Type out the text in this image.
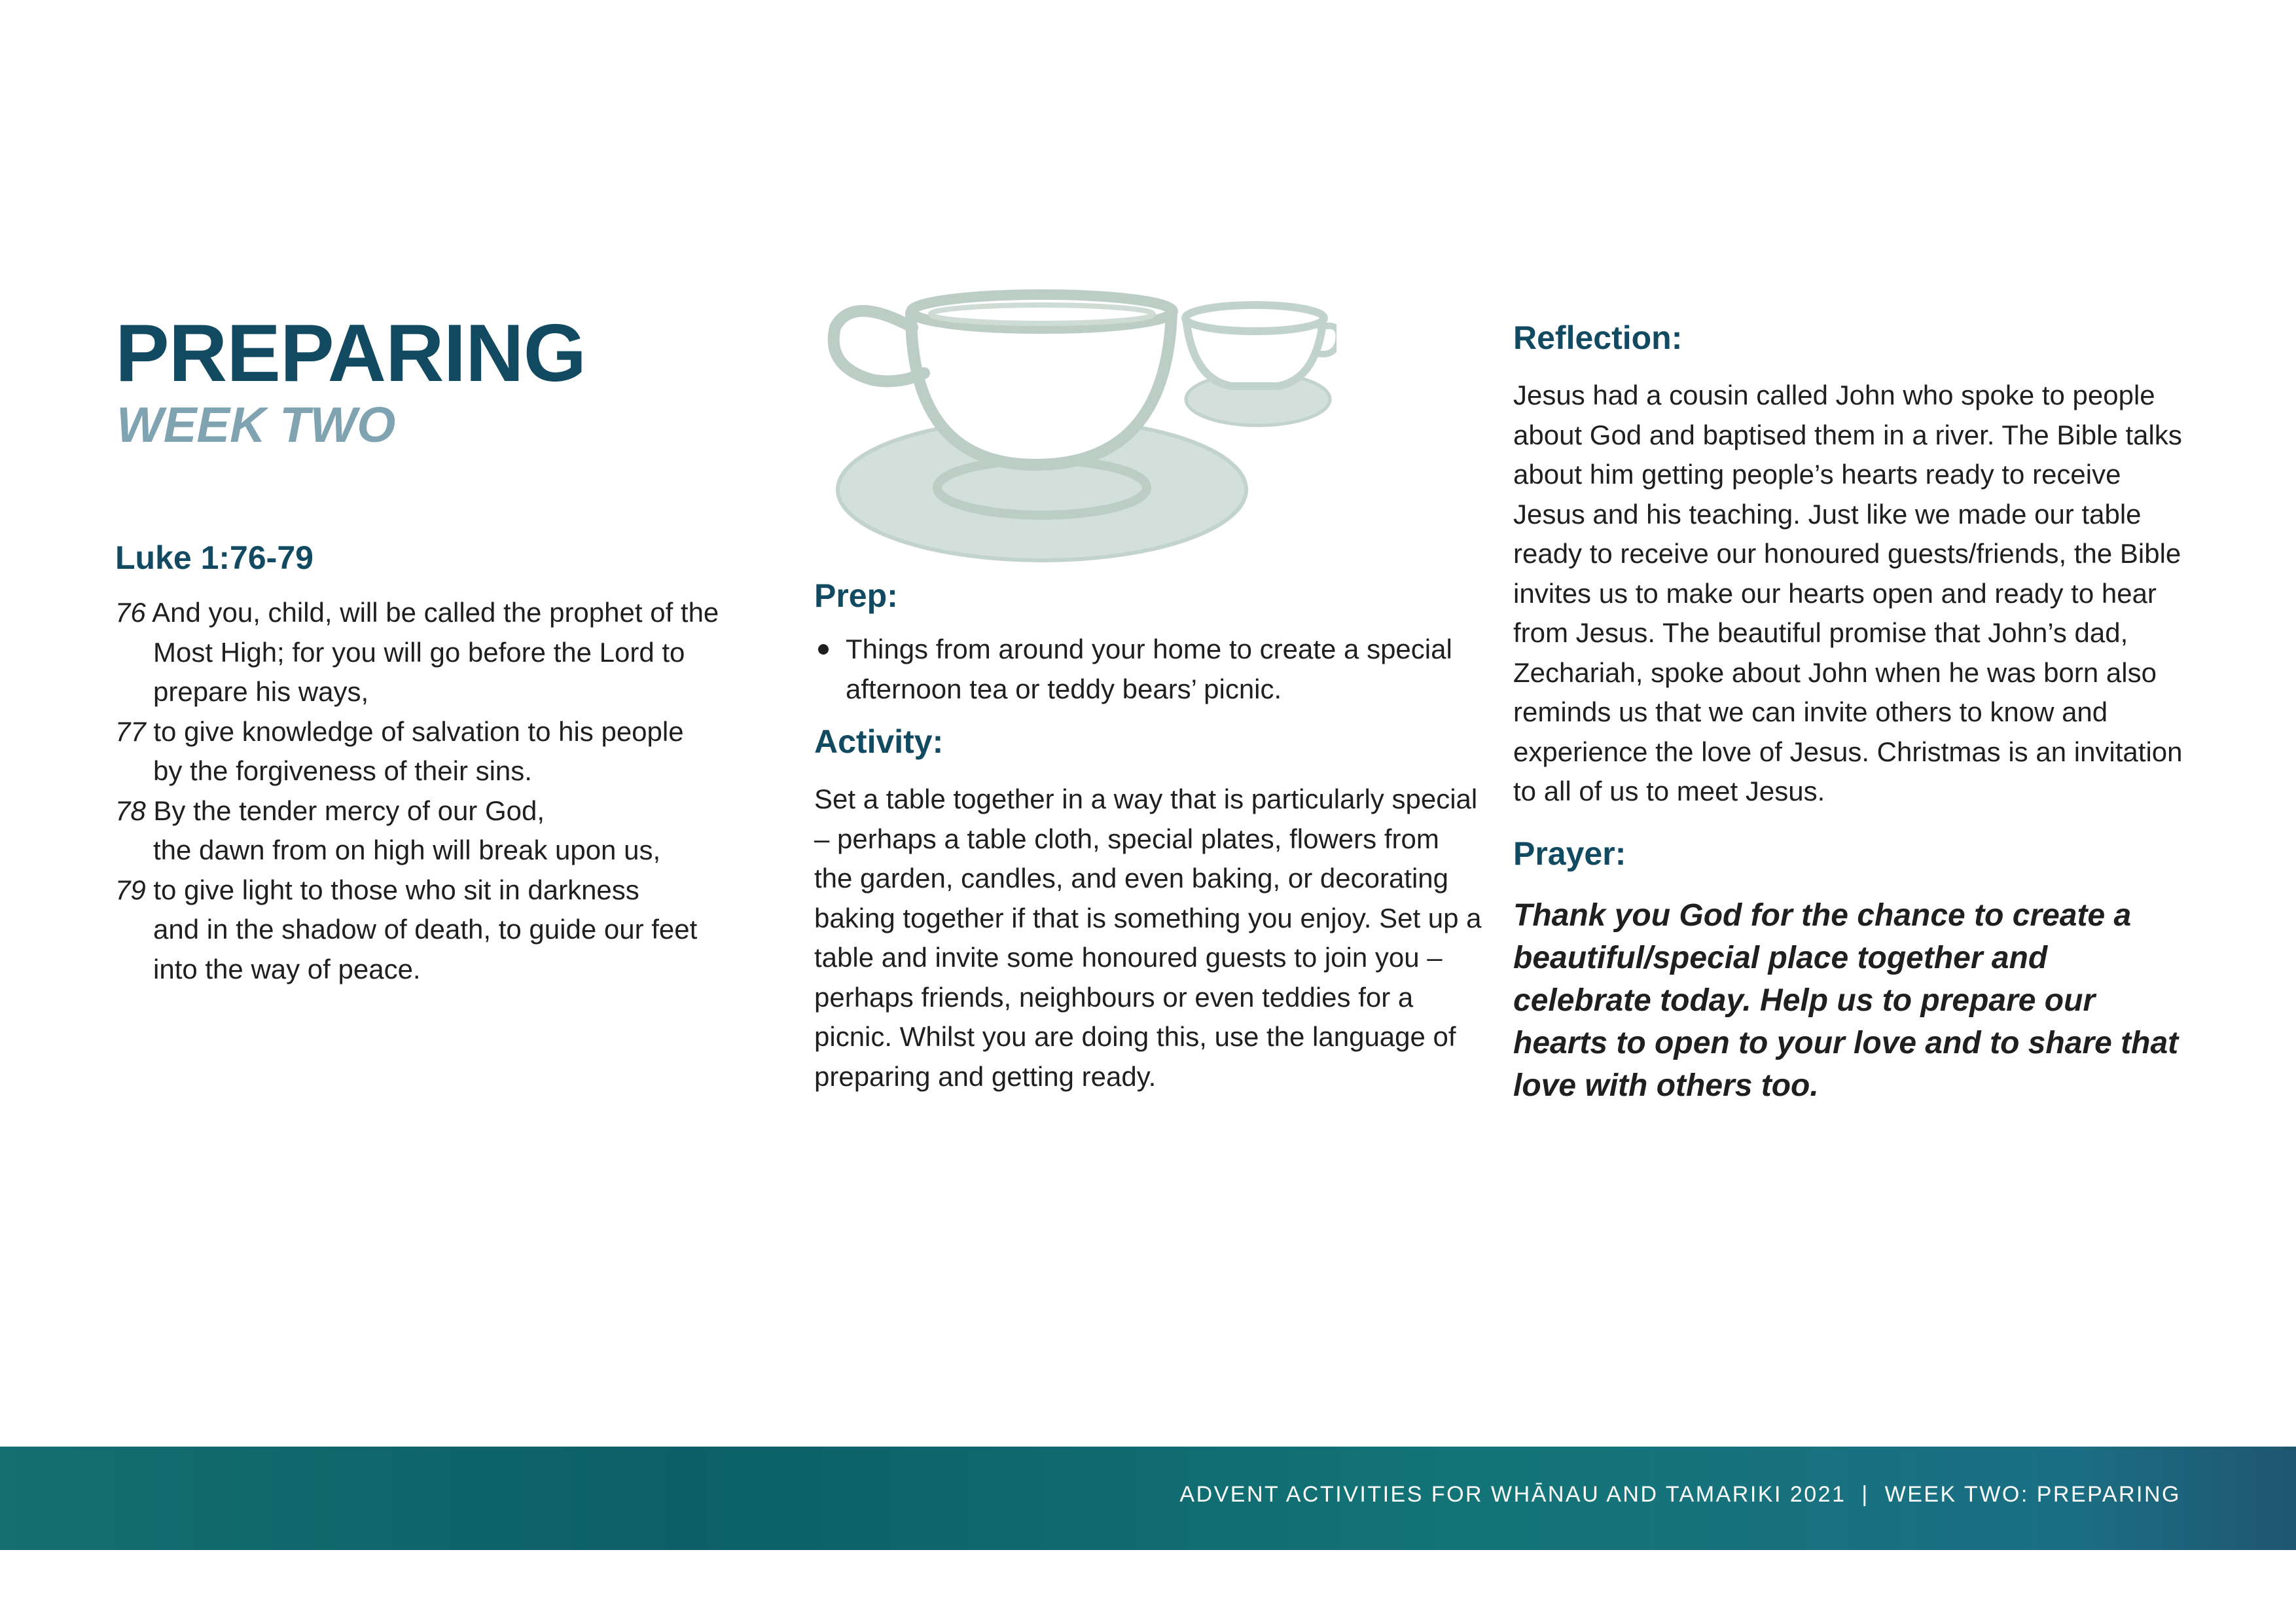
PREPARING
WEEK TWO
Luke 1:76-79
76 And you, child, will be called the prophet of the
Most High; for you will go before the Lord to
prepare his ways,
77 to give knowledge of salvation to his people
by the forgiveness of their sins.
78 By the tender mercy of our God,
the dawn from on high will break upon us,
79 to give light to those who sit in darkness
and in the shadow of death, to guide our feet
into the way of peace.
Prep:
Things from around your home to create a special afternoon tea or teddy bears’ picnic.
Activity:

Set a table together in a way that is particularly special – perhaps a table cloth, special plates, flowers from the garden, candles, and even baking, or decorating baking together if that is something you enjoy. Set up a table and invite some honoured guests to join you – perhaps friends, neighbours or even teddies for a picnic. Whilst you are doing this, use the language of preparing and getting ready.

Reflection:

Jesus had a cousin called John who spoke to people about God and baptised them in a river. The Bible talks about him getting people’s hearts ready to receive Jesus and his teaching. Just like we made our table ready to receive our honoured guests/friends, the Bible invites us to make our hearts open and ready to hear from Jesus. The beautiful promise that John’s dad, Zechariah, spoke about John when he was born also reminds us that we can invite others to know and experience the love of Jesus. Christmas is an invitation to all of us to meet Jesus.

Prayer:

Thank you God for the chance to create a beautiful/special place together and celebrate today. Help us to prepare our hearts to open to your love and to share that love with others too.

ADVENT ACTIVITIES FOR WHĀNAU AND TAMARIKI 2021  |  WEEK TWO: PREPARING
